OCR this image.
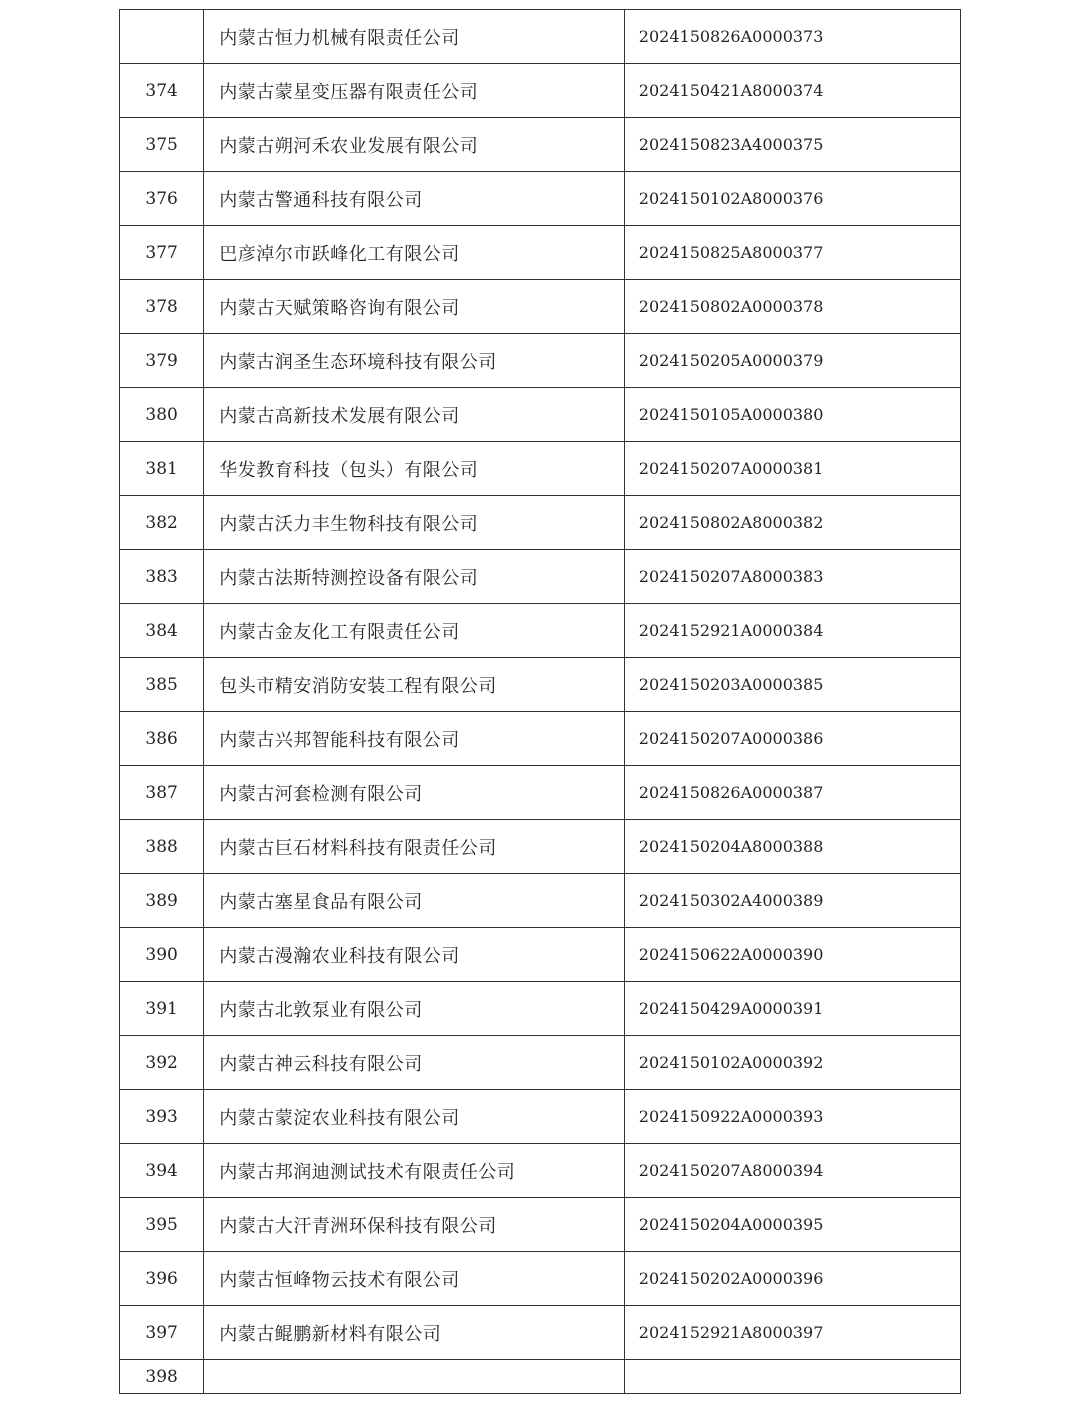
	内蒙古恒力机械有限责任公司	2024150826A0000373
374	内蒙古蒙星变压器有限责任公司	2024150421A8000374
375	内蒙古朔河禾农业发展有限公司	2024150823A4000375
376	内蒙古警通科技有限公司	2024150102A8000376
377	巴彦淖尔市跃峰化工有限公司	2024150825A8000377
378	内蒙古天赋策略咨询有限公司	2024150802A0000378
379	内蒙古润圣生态环境科技有限公司	2024150205A0000379
380	内蒙古高新技术发展有限公司	2024150105A0000380
381	华发教育科技（包头）有限公司	2024150207A0000381
382	内蒙古沃力丰生物科技有限公司	2024150802A8000382
383	内蒙古法斯特测控设备有限公司	2024150207A8000383
384	内蒙古金友化工有限责任公司	2024152921A0000384
385	包头市精安消防安装工程有限公司	2024150203A0000385
386	内蒙古兴邦智能科技有限公司	2024150207A0000386
387	内蒙古河套检测有限公司	2024150826A0000387
388	内蒙古巨石材料科技有限责任公司	2024150204A8000388
389	内蒙古塞星食品有限公司	2024150302A4000389
390	内蒙古漫瀚农业科技有限公司	2024150622A0000390
391	内蒙古北敦泵业有限公司	2024150429A0000391
392	内蒙古神云科技有限公司	2024150102A0000392
393	内蒙古蒙淀农业科技有限公司	2024150922A0000393
394	内蒙古邦润迪测试技术有限责任公司	2024150207A8000394
395	内蒙古大汗青洲环保科技有限公司	2024150204A0000395
396	内蒙古恒峰物云技术有限公司	2024150202A0000396
397	内蒙古鲲鹏新材料有限公司	2024152921A8000397
398		
